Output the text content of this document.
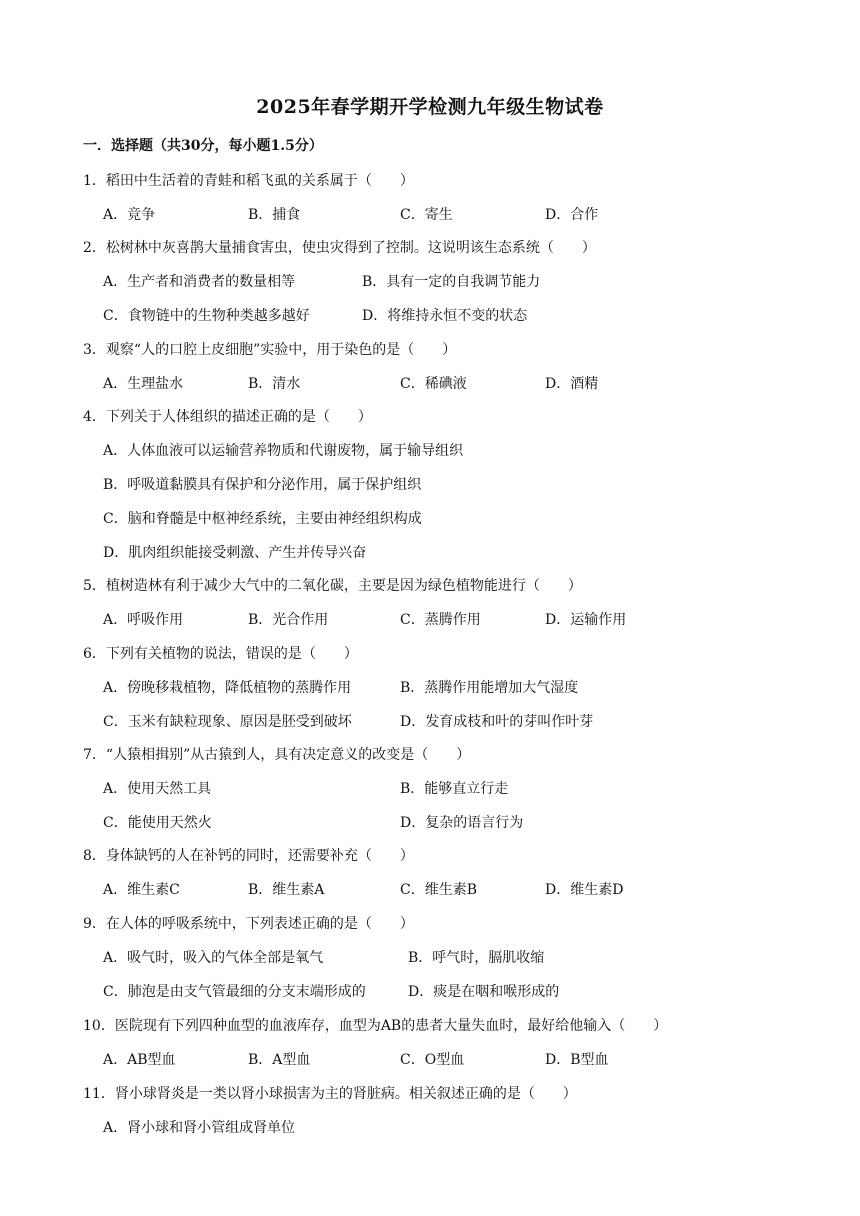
2025年春学期开学检测九年级生物试卷
一．选择题（共30分，每小题1.5分）
1．稻田中生活着的青蛙和稻飞虱的关系属于（　　）
A．竞争	B．捕食	C．寄生	D．合作
2．松树林中灰喜鹊大量捕食害虫，使虫灾得到了控制。这说明该生态系统（　　）
A．生产者和消费者的数量相等	B．具有一定的自我调节能力
C．食物链中的生物种类越多越好	D．将维持永恒不变的状态
3．观察“人的口腔上皮细胞”实验中，用于染色的是（　　）
A．生理盐水	B．清水	C．稀碘液	D．酒精
4．下列关于人体组织的描述正确的是（　　）
A．人体血液可以运输营养物质和代谢废物，属于输导组织
B．呼吸道黏膜具有保护和分泌作用，属于保护组织
C．脑和脊髓是中枢神经系统，主要由神经组织构成
D．肌肉组织能接受刺激、产生并传导兴奋
5．植树造林有利于减少大气中的二氧化碳，主要是因为绿色植物能进行（　　）
A．呼吸作用	B．光合作用	C．蒸腾作用	D．运输作用
6．下列有关植物的说法，错误的是（　　）
A．傍晚移栽植物，降低植物的蒸腾作用	B．蒸腾作用能增加大气湿度
C．玉米有缺粒现象、原因是胚受到破坏	D．发育成枝和叶的芽叫作叶芽
7．“人猿相揖别”从古猿到人，具有决定意义的改变是（　　）
A．使用天然工具	B．能够直立行走
C．能使用天然火	D．复杂的语言行为
8．身体缺钙的人在补钙的同时，还需要补充（　　）
A．维生素C	B．维生素A	C．维生素B	D．维生素D
9．在人体的呼吸系统中，下列表述正确的是（　　）
A．吸气时，吸入的气体全部是氧气	B．呼气时，膈肌收缩
C．肺泡是由支气管最细的分支末端形成的	D．痰是在咽和喉形成的
10．医院现有下列四种血型的血液库存，血型为AB的患者大量失血时，最好给他输入（　　）
A．AB型血	B．A型血	C．O型血	D．B型血
11．肾小球肾炎是一类以肾小球损害为主的肾脏病。相关叙述正确的是（　　）
A．肾小球和肾小管组成肾单位
